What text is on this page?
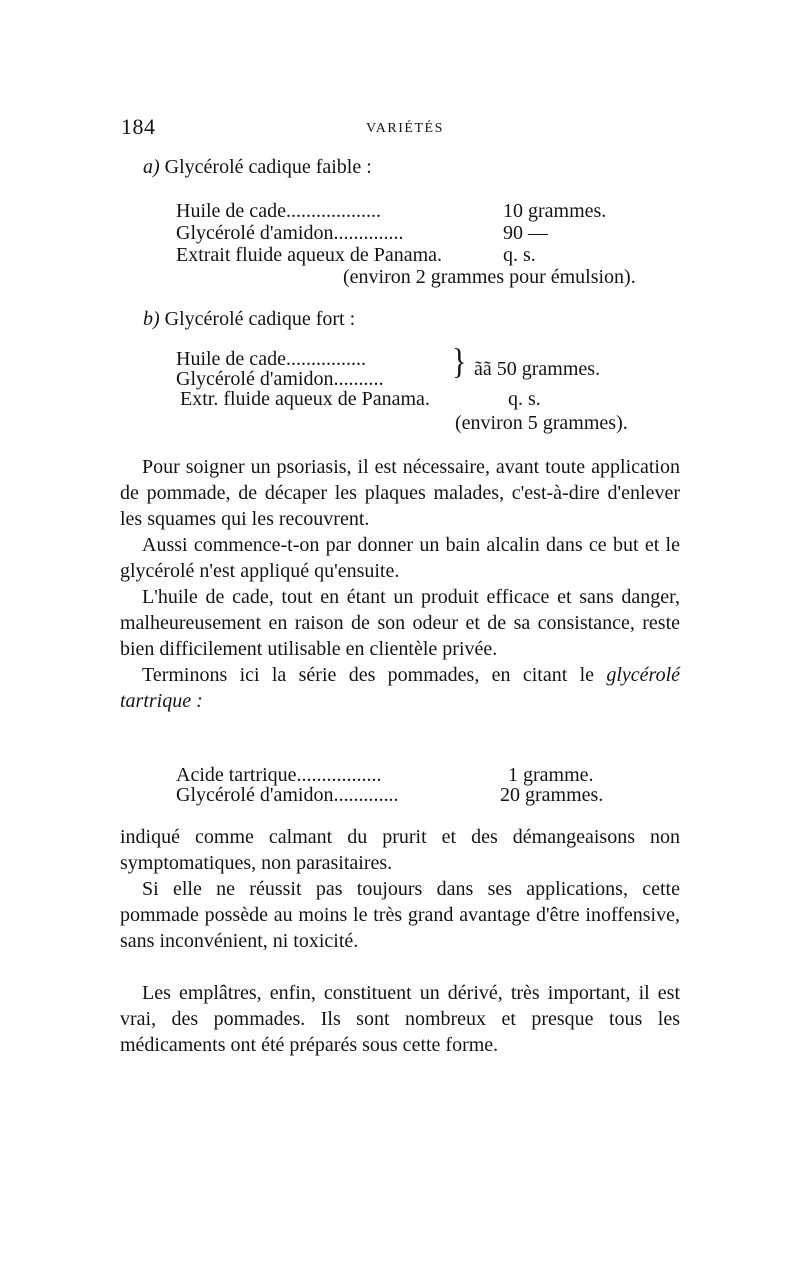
184	VARIÉTÉS
a) Glycérolé cadique faible :
Huile de cade...................	10 grammes.
Glycérolé d'amidon..............	90 —
Extrait fluide aqueux de Panama.	q. s.
(environ 2 grammes pour émulsion).
b) Glycérolé cadique fort :
Huile de cade................
Glycérolé d'amidon.......... } ãã 50 grammes.
Extr. fluide aqueux de Panama.	q. s.
(environ 5 grammes).

Pour soigner un psoriasis, il est nécessaire, avant toute application de pommade, de décaper les plaques malades, c'est-à-dire d'enlever les squames qui les recouvrent.

Aussi commence-t-on par donner un bain alcalin dans ce but et le glycérolé n'est appliqué qu'ensuite.

L'huile de cade, tout en étant un produit efficace et sans danger, malheureusement en raison de son odeur et de sa consistance, reste bien difficilement utilisable en clientèle privée.

Terminons ici la série des pommades, en citant le glycérolé tartrique :

Acide tartrique.................	1 gramme.
Glycérolé d'amidon.............	20 grammes.

indiqué comme calmant du prurit et des démangeaisons non symptomatiques, non parasitaires.

Si elle ne réussit pas toujours dans ses applications, cette pommade possède au moins le très grand avantage d'être inoffensive, sans inconvénient, ni toxicité.

Les emplâtres, enfin, constituent un dérivé, très important, il est vrai, des pommades. Ils sont nombreux et presque tous les médicaments ont été préparés sous cette forme.
